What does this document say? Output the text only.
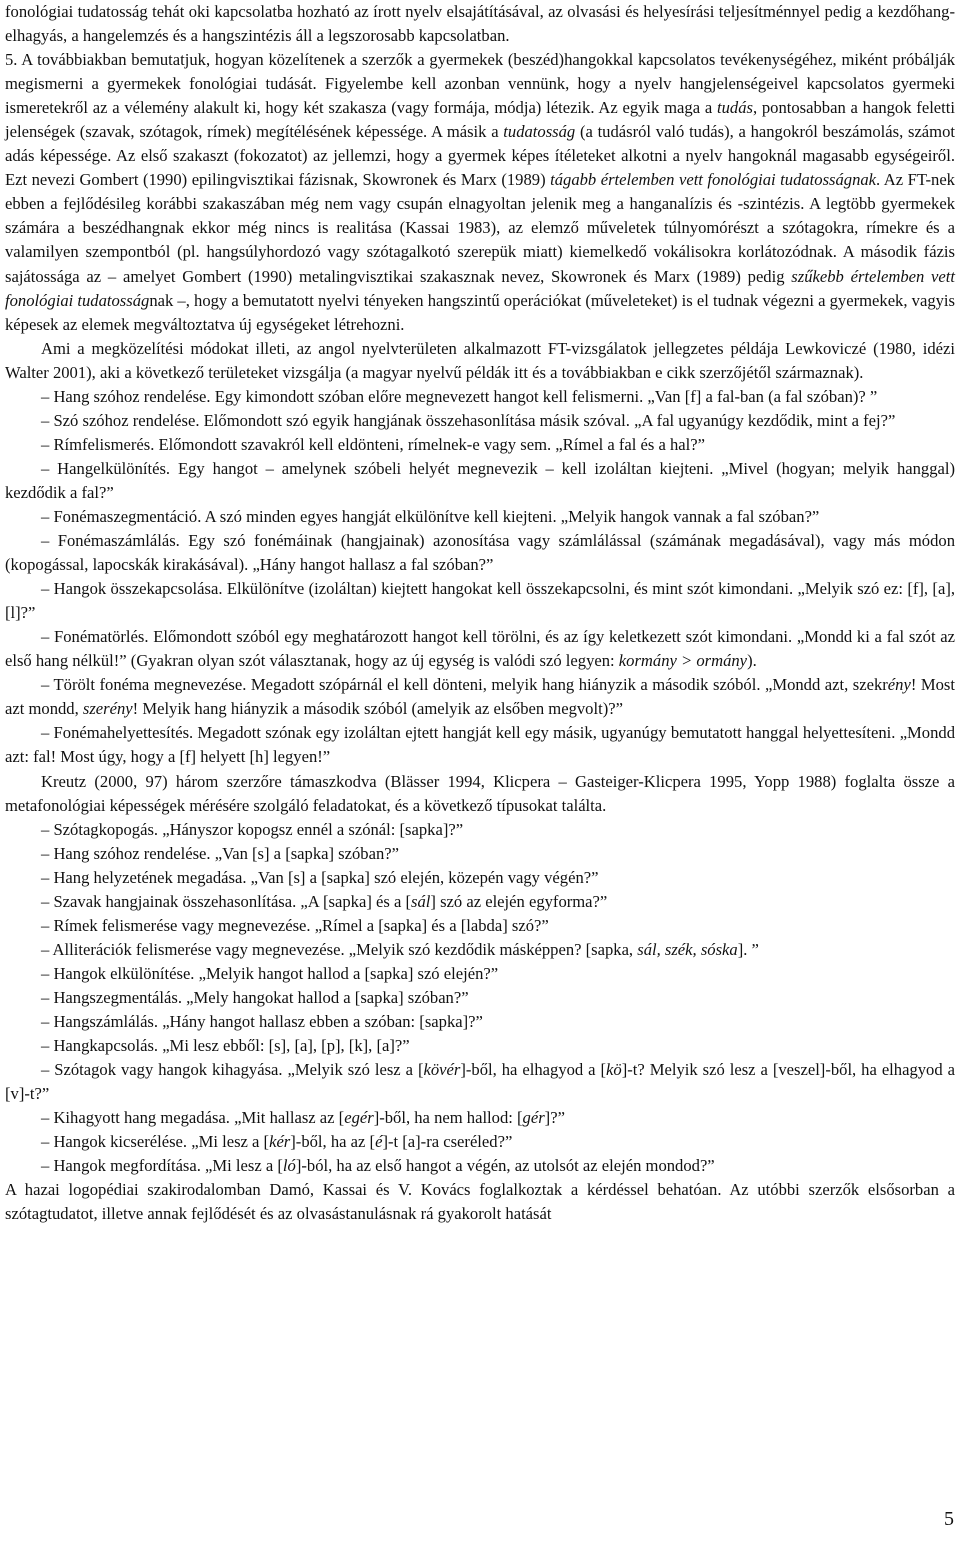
fonológiai tudatosság tehát oki kapcsolatba hozható az írott nyelv elsajátításával, az olvasási és helyesírási teljesítménnyel pedig a kezdőhang-elhagyás, a hangelemzés és a hangszintézis áll a legszorosabb kapcsolatban.

5. A továbbiakban bemutatjuk, hogyan közelítenek a szerzők a gyermekek (beszéd)hangokkal kapcsolatos tevékenységéhez, miként próbálják megismerni a gyermekek fonológiai tudását. Figyelembe kell azonban vennünk, hogy a nyelv hangjelenségeivel kapcsolatos gyermeki ismeretekről az a vélemény alakult ki, hogy két szakasza (vagy formája, módja) létezik. Az egyik maga a tudás, pontosabban a hangok feletti jelenségek (szavak, szótagok, rímek) megítélésének képessége. A másik a tudatosság (a tudásról való tudás), a hangokról beszámolás, számot adás képessége. Az első szakaszt (fokozatot) az jellemzi, hogy a gyermek képes ítéleteket alkotni a nyelv hangoknál magasabb egységeiről. Ezt nevezi Gombert (1990) epilingvisztikai fázisnak, Skowronek és Marx (1989) tágabb értelemben vett fonológiai tudatosságnak. Az FT-nek ebben a fejlődésileg korábbi szakaszában még nem vagy csupán elnagyoltan jelenik meg a hanganalízis és -szintézis. A legtöbb gyermekek számára a beszédhangnak ekkor még nincs is realitása (Kassai 1983), az elemző műveletek túlnyomórészt a szótagokra, rímekre és a valamilyen szempontból (pl. hangsúlyhordozó vagy szótagalkotó szerepük miatt) kiemelkedő vokálisokra korlátozódnak. A második fázis sajátossága az – amelyet Gombert (1990) metalingvisztikai szakasznak nevez, Skowronek és Marx (1989) pedig szűkebb értelemben vett fonológiai tudatosságnak –, hogy a bemutatott nyelvi tényeken hangszintű operációkat (műveleteket) is el tudnak végezni a gyermekek, vagyis képesek az elemek megváltoztatva új egységeket létrehozni.

Ami a megközelítési módokat illeti, az angol nyelvterületen alkalmazott FT-vizsgálatok jellegzetes példája Lewkoviczé (1980, idézi Walter 2001), aki a következő területeket vizsgálja (a magyar nyelvű példák itt és a továbbiakban e cikk szerzőjétől származnak).

– Hang szóhoz rendelése. Egy kimondott szóban előre megnevezett hangot kell felismerni. „Van [f] a fal-ban (a fal szóban)? ”

– Szó szóhoz rendelése. Előmondott szó egyik hangjának összehasonlítása másik szóval. „A fal ugyanúgy kezdődik, mint a fej?”

– Rímfelismerés. Előmondott szavakról kell eldönteni, rímelnek-e vagy sem. „Rímel a fal és a hal?”

– Hangelkülönítés. Egy hangot – amelynek szóbeli helyét megnevezik – kell izoláltan kiejteni. „Mivel (hogyan; melyik hanggal) kezdődik a fal?”

– Fonémaszegmentáció. A szó minden egyes hangját elkülönítve kell kiejteni. „Melyik hangok vannak a fal szóban?”

– Fonémaszámlálás. Egy szó fonémáinak (hangjainak) azonosítása vagy számlálással (számának megadásával), vagy más módon (kopogással, lapocskák kirakásával). „Hány hangot hallasz a fal szóban?”

– Hangok összekapcsolása. Elkülönítve (izoláltan) kiejtett hangokat kell összekapcsolni, és mint szót kimondani. „Melyik szó ez: [f], [a], [l]?”

– Fonématörlés. Előmondott szóból egy meghatározott hangot kell törölni, és az így keletkezett szót kimondani. „Mondd ki a fal szót az első hang nélkül!” (Gyakran olyan szót választanak, hogy az új egység is valódi szó legyen: kormány > ormány).

– Törölt fonéma megnevezése. Megadott szópárnál el kell dönteni, melyik hang hiányzik a második szóból. „Mondd azt, szekrény! Most azt mondd, szerény! Melyik hang hiányzik a második szóból (amelyik az elsőben megvolt)?”

– Fonémahelyettesítés. Megadott szónak egy izoláltan ejtett hangját kell egy másik, ugyanúgy bemutatott hanggal helyettesíteni. „Mondd azt: fal! Most úgy, hogy a [f] helyett [h] legyen!”

Kreutz (2000, 97) három szerzőre támaszkodva (Blässer 1994, Klicpera – Gasteiger-Klicpera 1995, Yopp 1988) foglalta össze a metafonológiai képességek mérésére szolgáló feladatokat, és a következő típusokat találta.

– Szótagkopogás. „Hányszor kopogsz ennél a szónál: [sapka]?”

– Hang szóhoz rendelése. „Van [s] a [sapka] szóban?”

– Hang helyzetének megadása. „Van [s] a [sapka] szó elején, közepén vagy végén?”

– Szavak hangjainak összehasonlítása. „A [sapka] és a [sál] szó az elején egyforma?”

– Rímek felismerése vagy megnevezése. „Rímel a [sapka] és a [labda] szó?”

– Alliterációk felismerése vagy megnevezése. „Melyik szó kezdődik másképpen? [sapka, sál, szék, sóska]. ”

– Hangok elkülönítése. „Melyik hangot hallod a [sapka] szó elején?”

– Hangszegmentálás. „Mely hangokat hallod a [sapka] szóban?”

– Hangszámlálás. „Hány hangot hallasz ebben a szóban: [sapka]?”

– Hangkapcsolás. „Mi lesz ebből: [s], [a], [p], [k], [a]?”

– Szótagok vagy hangok kihagyása. „Melyik szó lesz a [kövér]-ből, ha elhagyod a [kö]-t? Melyik szó lesz a [veszel]-ből, ha elhagyod a [v]-t?”

– Kihagyott hang megadása. „Mit hallasz az [egér]-ből, ha nem hallod: [gér]?”

– Hangok kicserélése. „Mi lesz a [kér]-ből, ha az [é]-t [a]-ra cseréled?”

– Hangok megfordítása. „Mi lesz a [ló]-ból, ha az első hangot a végén, az utolsót az elején mondod?”

A hazai logopédiai szakirodalomban Damó, Kassai és V. Kovács foglalkoztak a kérdéssel behatóan. Az utóbbi szerzők elsősorban a szótagtudatot, illetve annak fejlődését és az olvasástanulásnak rá gyakorolt hatását

5
